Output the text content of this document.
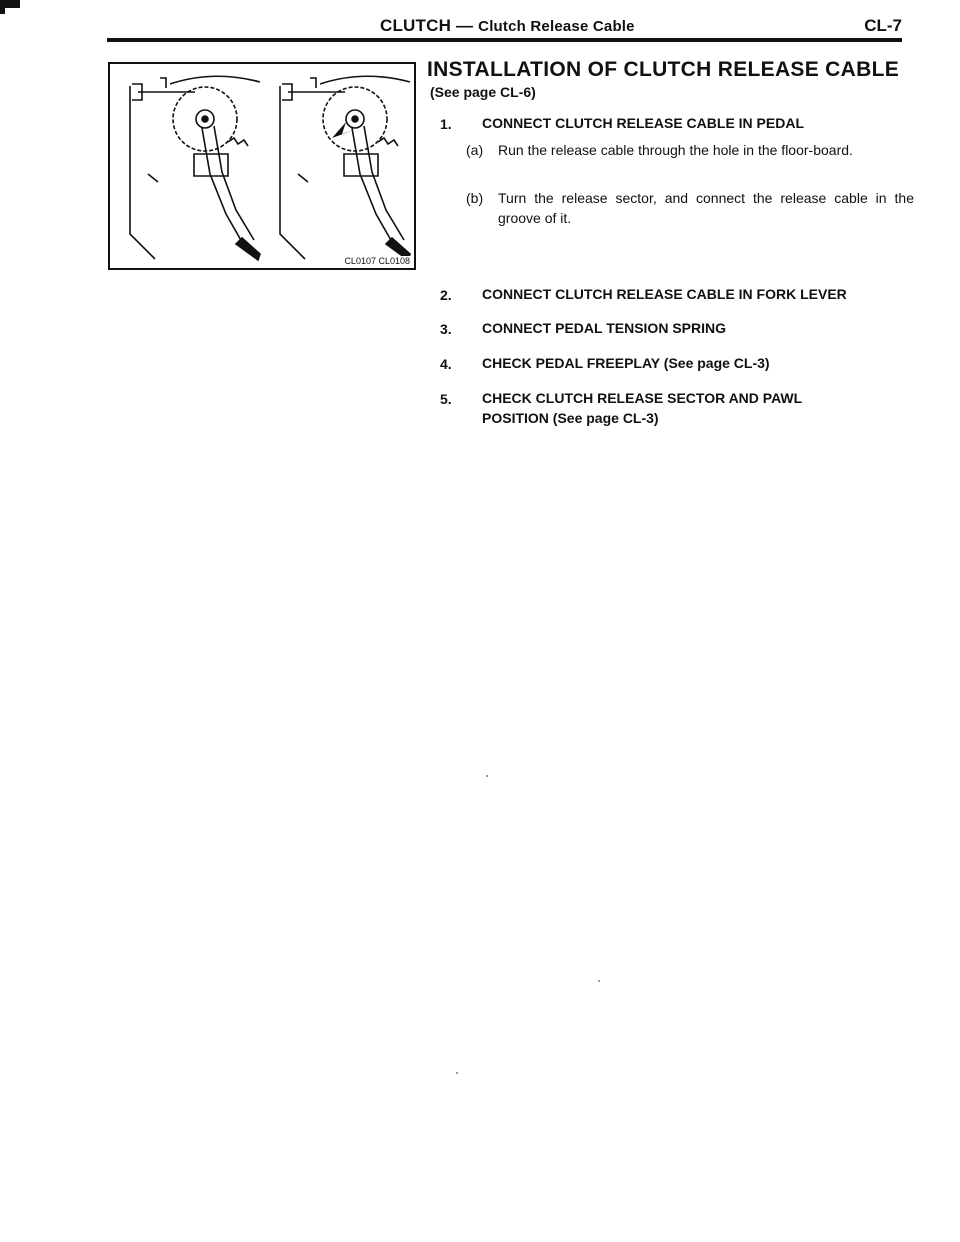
CLUTCH — Clutch Release Cable	CL-7
CL0107 CL0108
INSTALLATION OF CLUTCH RELEASE CABLE
(See page CL-6)
1. CONNECT CLUTCH RELEASE CABLE IN PEDAL
(a) Run the release cable through the hole in the floor-board.
(b) Turn the release sector, and connect the release cable in the groove of it.
2. CONNECT CLUTCH RELEASE CABLE IN FORK LEVER
3. CONNECT PEDAL TENSION SPRING
4. CHECK PEDAL FREEPLAY (See page CL-3)
5. CHECK CLUTCH RELEASE SECTOR AND PAWL
POSITION (See page CL-3)
